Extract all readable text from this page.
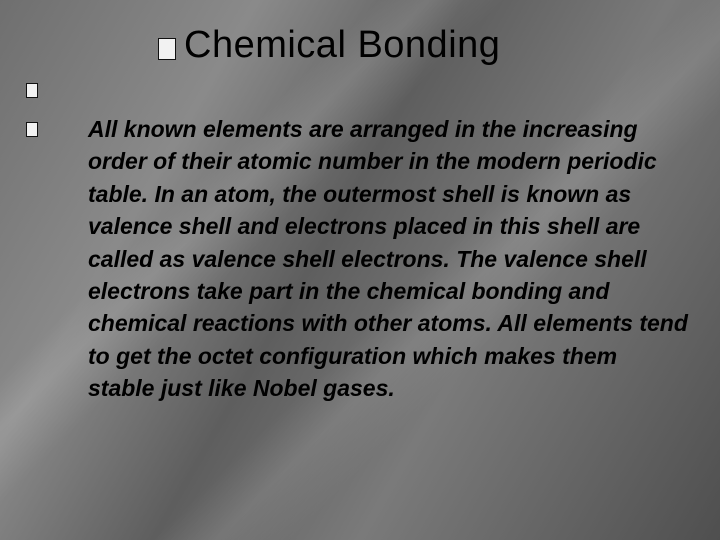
Chemical Bonding
All known elements are arranged in the increasing order of their atomic number in the modern periodic table. In an atom, the outermost shell is known as valence shell and electrons placed in this shell are called as valence shell electrons. The valence shell electrons take part in the chemical bonding and chemical reactions with other atoms. All elements tend to get the octet configuration which makes them stable just like Nobel gases.
